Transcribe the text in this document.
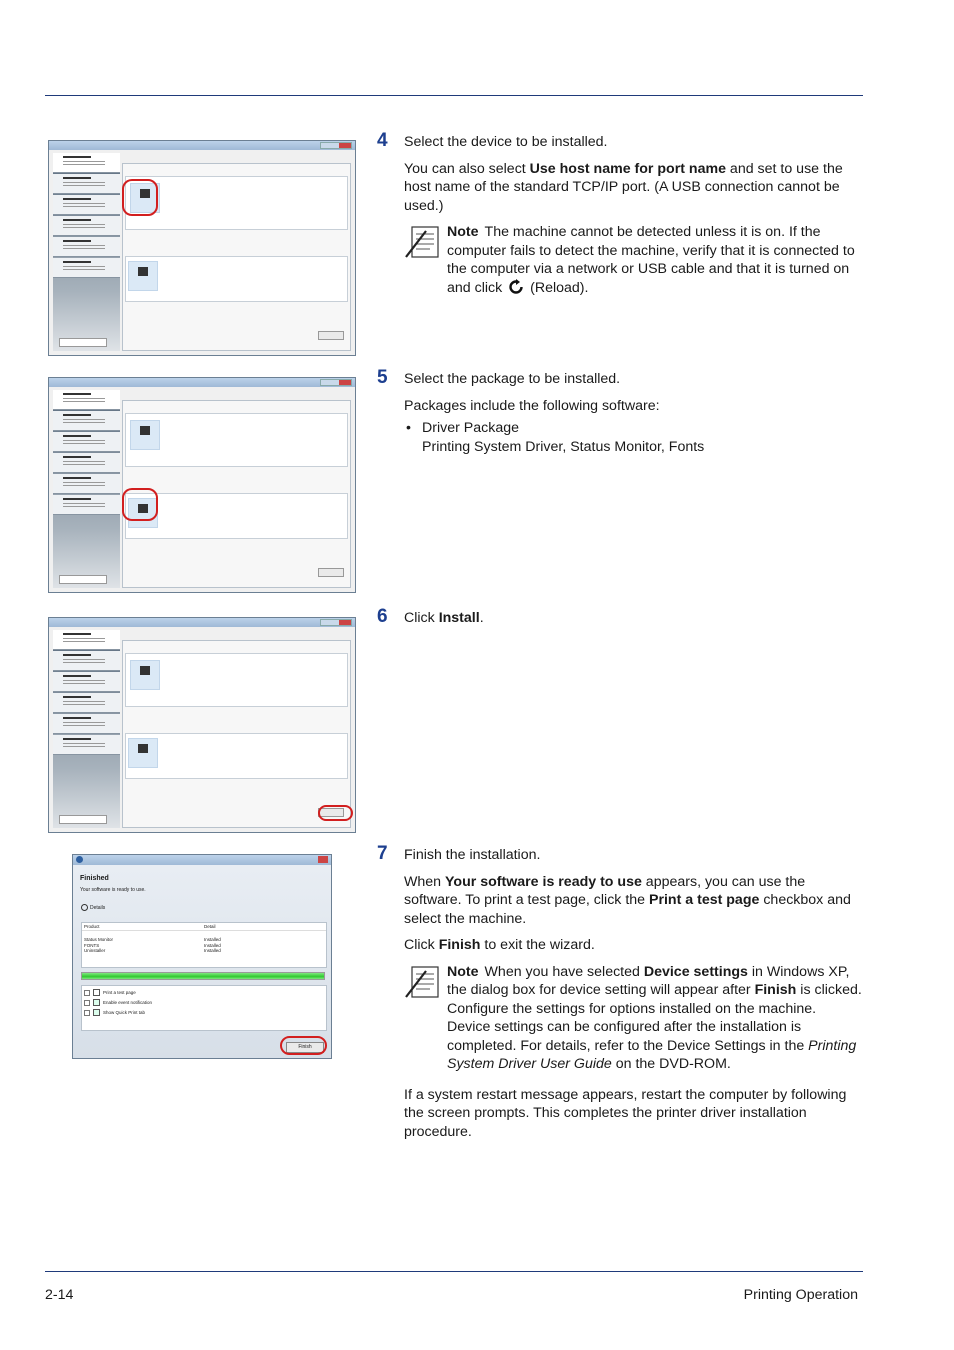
Finished
Your software is ready to use.
Details
Product	Detail
Status Monitor	Installed
FONTS	Installed
Uninstaller	Installed
Print a test page
Enable event notification
Show Quick Print tab
Finish
4 Select the device to be installed.

You can also select Use host name for port name and set to use the host name of the standard TCP/IP port. (A USB connection cannot be used.)

Note The machine cannot be detected unless it is on. If the computer fails to detect the machine, verify that it is connected to the computer via a network or USB cable and that it is turned on and click (Reload).
5 Select the package to be installed.

Packages include the following software:

• Driver Package
Printing System Driver, Status Monitor, Fonts
6 Click Install.

7 Finish the installation.

When Your software is ready to use appears, you can use the software. To print a test page, click the Print a test page checkbox and select the machine.

Click Finish to exit the wizard.

Note When you have selected Device settings in Windows XP, the dialog box for device setting will appear after Finish is clicked. Configure the settings for options installed on the machine. Device settings can be configured after the installation is completed. For details, refer to the Device Settings in the Printing System Driver User Guide on the DVD-ROM.

If a system restart message appears, restart the computer by following the screen prompts. This completes the printer driver installation procedure.

2-14	Printing Operation
